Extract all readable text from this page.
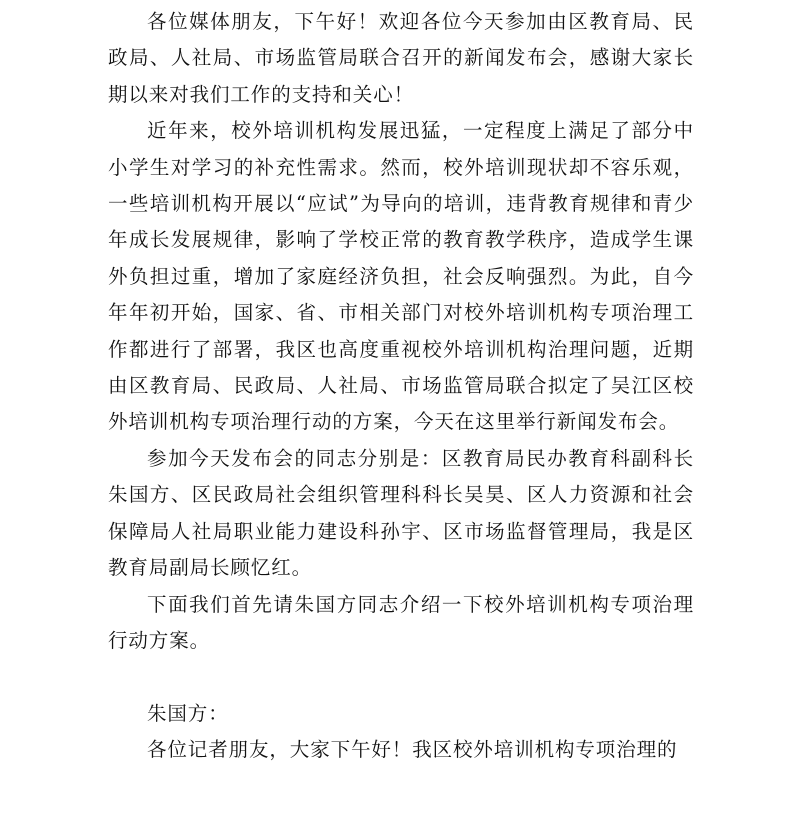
各位媒体朋友，下午好！欢迎各位今天参加由区教育局、民政局、人社局、市场监管局联合召开的新闻发布会，感谢大家长期以来对我们工作的支持和关心！

近年来，校外培训机构发展迅猛，一定程度上满足了部分中小学生对学习的补充性需求。然而，校外培训现状却不容乐观，一些培训机构开展以“应试”为导向的培训，违背教育规律和青少年成长发展规律，影响了学校正常的教育教学秩序，造成学生课外负担过重，增加了家庭经济负担，社会反响强烈。为此，自今年年初开始，国家、省、市相关部门对校外培训机构专项治理工作都进行了部署，我区也高度重视校外培训机构治理问题，近期由区教育局、民政局、人社局、市场监管局联合拟定了吴江区校外培训机构专项治理行动的方案，今天在这里举行新闻发布会。

参加今天发布会的同志分别是：区教育局民办教育科副科长朱国方、区民政局社会组织管理科科长吴昊、区人力资源和社会保障局人社局职业能力建设科孙宇、区市场监督管理局，我是区教育局副局长顾忆红。

下面我们首先请朱国方同志介绍一下校外培训机构专项治理行动方案。

朱国方：

各位记者朋友，大家下午好！我区校外培训机构专项治理的
